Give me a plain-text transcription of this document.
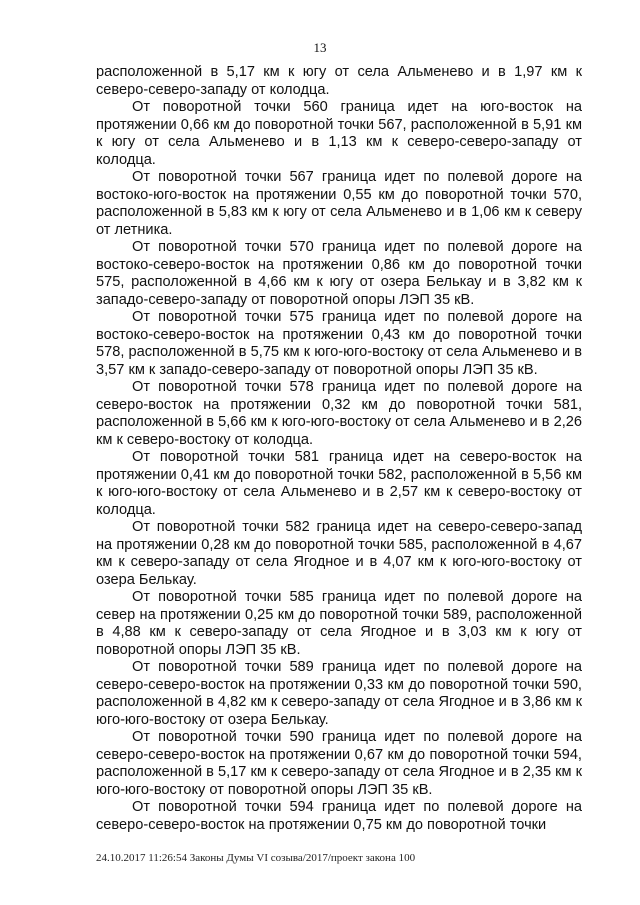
13

расположенной в 5,17 км к югу от села Альменево и в 1,97 км к северо-северо-западу от колодца.

От поворотной точки 560 граница идет на юго-восток на протяжении 0,66 км до поворотной точки 567, расположенной в 5,91 км к югу от села Альменево и в 1,13 км к северо-северо-западу от колодца.

От поворотной точки 567 граница идет по полевой дороге на востоко-юго-восток на протяжении 0,55 км до поворотной точки 570, расположенной в 5,83 км к югу от села Альменево и в 1,06 км к северу от летника.

От поворотной точки 570 граница идет по полевой дороге на востоко-северо-восток на протяжении 0,86 км до поворотной точки 575, расположенной в 4,66 км к югу от озера Белькау и в 3,82 км к западо-северо-западу от поворотной опоры ЛЭП 35 кВ.

От поворотной точки 575 граница идет по полевой дороге на востоко-северо-восток на протяжении 0,43 км до поворотной точки 578, расположенной в 5,75 км к юго-юго-востоку от села Альменево и в 3,57 км к западо-северо-западу от поворотной опоры ЛЭП 35 кВ.

От поворотной точки 578 граница идет по полевой дороге на северо-восток на протяжении 0,32 км до поворотной точки 581, расположенной в 5,66 км к юго-юго-востоку от села Альменево и в 2,26 км к северо-востоку от колодца.

От поворотной точки 581 граница идет на северо-восток на протяжении 0,41 км до поворотной точки 582, расположенной в 5,56 км к юго-юго-востоку от села Альменево и в 2,57 км к северо-востоку от колодца.

От поворотной точки 582 граница идет на северо-северо-запад на протяжении 0,28 км до поворотной точки 585, расположенной в 4,67 км к северо-западу от села Ягодное и в 4,07 км к юго-юго-востоку от озера Белькау.

От поворотной точки 585 граница идет по полевой дороге на север на протяжении 0,25 км до поворотной точки 589, расположенной в 4,88 км к северо-западу от села Ягодное и в 3,03 км к югу от поворотной опоры ЛЭП 35 кВ.

От поворотной точки 589 граница идет по полевой дороге на северо-северо-восток на протяжении 0,33 км до поворотной точки 590, расположенной в 4,82 км к северо-западу от села Ягодное и в 3,86 км к юго-юго-востоку от озера Белькау.

От поворотной точки 590 граница идет по полевой дороге на северо-северо-восток на протяжении 0,67 км до поворотной точки 594, расположенной в 5,17 км к северо-западу от села Ягодное и в 2,35 км к юго-юго-востоку от поворотной опоры ЛЭП 35 кВ.

От поворотной точки 594 граница идет по полевой дороге на северо-северо-восток на протяжении 0,75 км до поворотной точки

24.10.2017 11:26:54 Законы Думы VI созыва/2017/проект закона 100
